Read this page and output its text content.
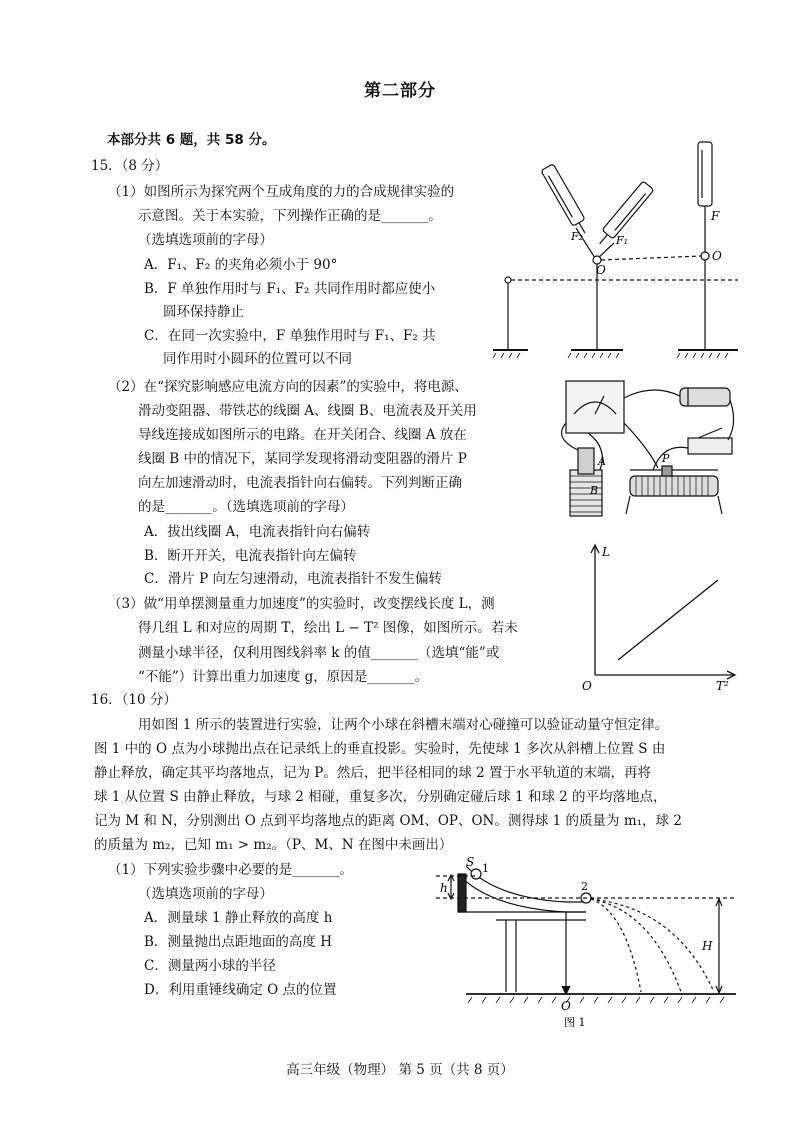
第二部分
本部分共 6 题，共 58 分。
15．（8 分）
（1）如图所示为探究两个互成角度的力的合成规律实验的
示意图。关于本实验，下列操作正确的是_______。
（选填选项前的字母）
A．F₁、F₂ 的夹角必须小于 90°
B．F 单独作用时与 F₁、F₂ 共同作用时都应使小
圆环保持静止
C．在同一次实验中，F 单独作用时与 F₁、F₂ 共
同作用时小圆环的位置可以不同
（2）在“探究影响感应电流方向的因素”的实验中，将电源、
滑动变阻器、带铁芯的线圈 A、线圈 B、电流表及开关用
导线连接成如图所示的电路。在开关闭合、线圈 A 放在
线圈 B 中的情况下，某同学发现将滑动变阻器的滑片 P
向左加速滑动时，电流表指针向右偏转。下列判断正确
的是_______。（选填选项前的字母）
A．拔出线圈 A，电流表指针向右偏转
B．断开开关，电流表指针向左偏转
C．滑片 P 向左匀速滑动，电流表指针不发生偏转
（3）做“用单摆测量重力加速度”的实验时，改变摆线长度 L，测
得几组 L 和对应的周期 T，绘出 L − T² 图像，如图所示。若未
测量小球半径，仅利用图线斜率 k 的值_______（选填“能”或
“不能”）计算出重力加速度 g，原因是_______。
F₂	F₁
O
F
O
A
B
P
L
O	T²
16．（10 分）
用如图 1 所示的装置进行实验，让两个小球在斜槽末端对心碰撞可以验证动量守恒定律。
图 1 中的 O 点为小球抛出点在记录纸上的垂直投影。实验时，先使球 1 多次从斜槽上位置 S 由
静止释放，确定其平均落地点，记为 P。然后，把半径相同的球 2 置于水平轨道的末端，再将
球 1 从位置 S 由静止释放，与球 2 相碰，重复多次，分别确定碰后球 1 和球 2 的平均落地点，
记为 M 和 N，分别测出 O 点到平均落地点的距离 OM、OP、ON。测得球 1 的质量为 m₁，球 2
的质量为 m₂，已知 m₁ > m₂。（P、M、N 在图中未画出）
（1）下列实验步骤中必要的是_______。
（选填选项前的字母）
A．测量球 1 静止释放的高度 h
B．测量抛出点距地面的高度 H
C．测量两小球的半径
D．利用重锤线确定 O 点的位置
S 1
2
h
H
O
图 1
高三年级（物理） 第 5 页（共 8 页）
